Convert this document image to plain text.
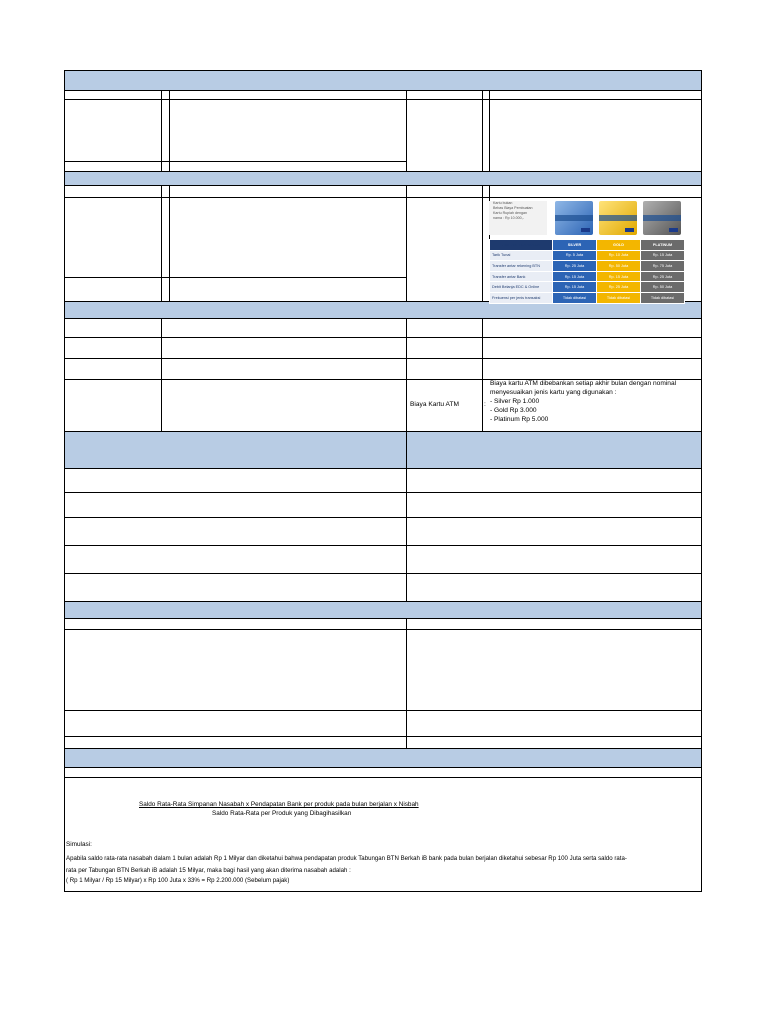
Kartu bukan
Bebas Biaya Pembuatan
Kartu Rupiah dengan
nama : Rp 10.000,-
LIMITASI TRANSAKSI	SILVER	GOLD	PLATINUM
Tarik Tunai	Rp. 5 Juta	Rp. 10 Juta	Rp. 15 Juta
Transfer antar rekening BTN	Rp. 25 Juta	Rp. 50 Juta	Rp. 75 Juta
Transfer antar Bank	Rp. 15 Juta	Rp. 15 Juta	Rp. 25 Juta
Debit Belanja EDC & Online	Rp. 15 Juta	Rp. 25 Juta	Rp. 50 Juta
Frekuensi per jenis transaksi	Tidak dibatasi	Tidak dibatasi	Tidak dibatasi
Biaya Kartu ATM	:
Biaya kartu ATM dibebankan setiap akhir bulan dengan nominal
menyesuaikan jenis kartu yang digunakan :
- Silver Rp 1.000
- Gold Rp 3.000
- Platinum Rp 5.000
Saldo Rata-Rata Simpanan Nasabah x Pendapatan Bank per produk pada bulan berjalan x Nisbah
Saldo Rata-Rata per Produk yang Dibagihasilkan
Simulasi:
Apabila saldo rata-rata nasabah dalam 1 bulan adalah Rp 1 Milyar dan diketahui bahwa pendapatan produk Tabungan BTN Berkah iB bank pada bulan berjalan diketahui sebesar Rp 100 Juta serta saldo rata-
rata per Tabungan BTN Berkah iB adalah 15 Milyar, maka bagi hasil yang akan diterima nasabah adalah :
( Rp 1 Milyar / Rp 15 Milyar) x Rp 100 Juta x 33% = Rp 2.200.000 (Sebelum pajak)
